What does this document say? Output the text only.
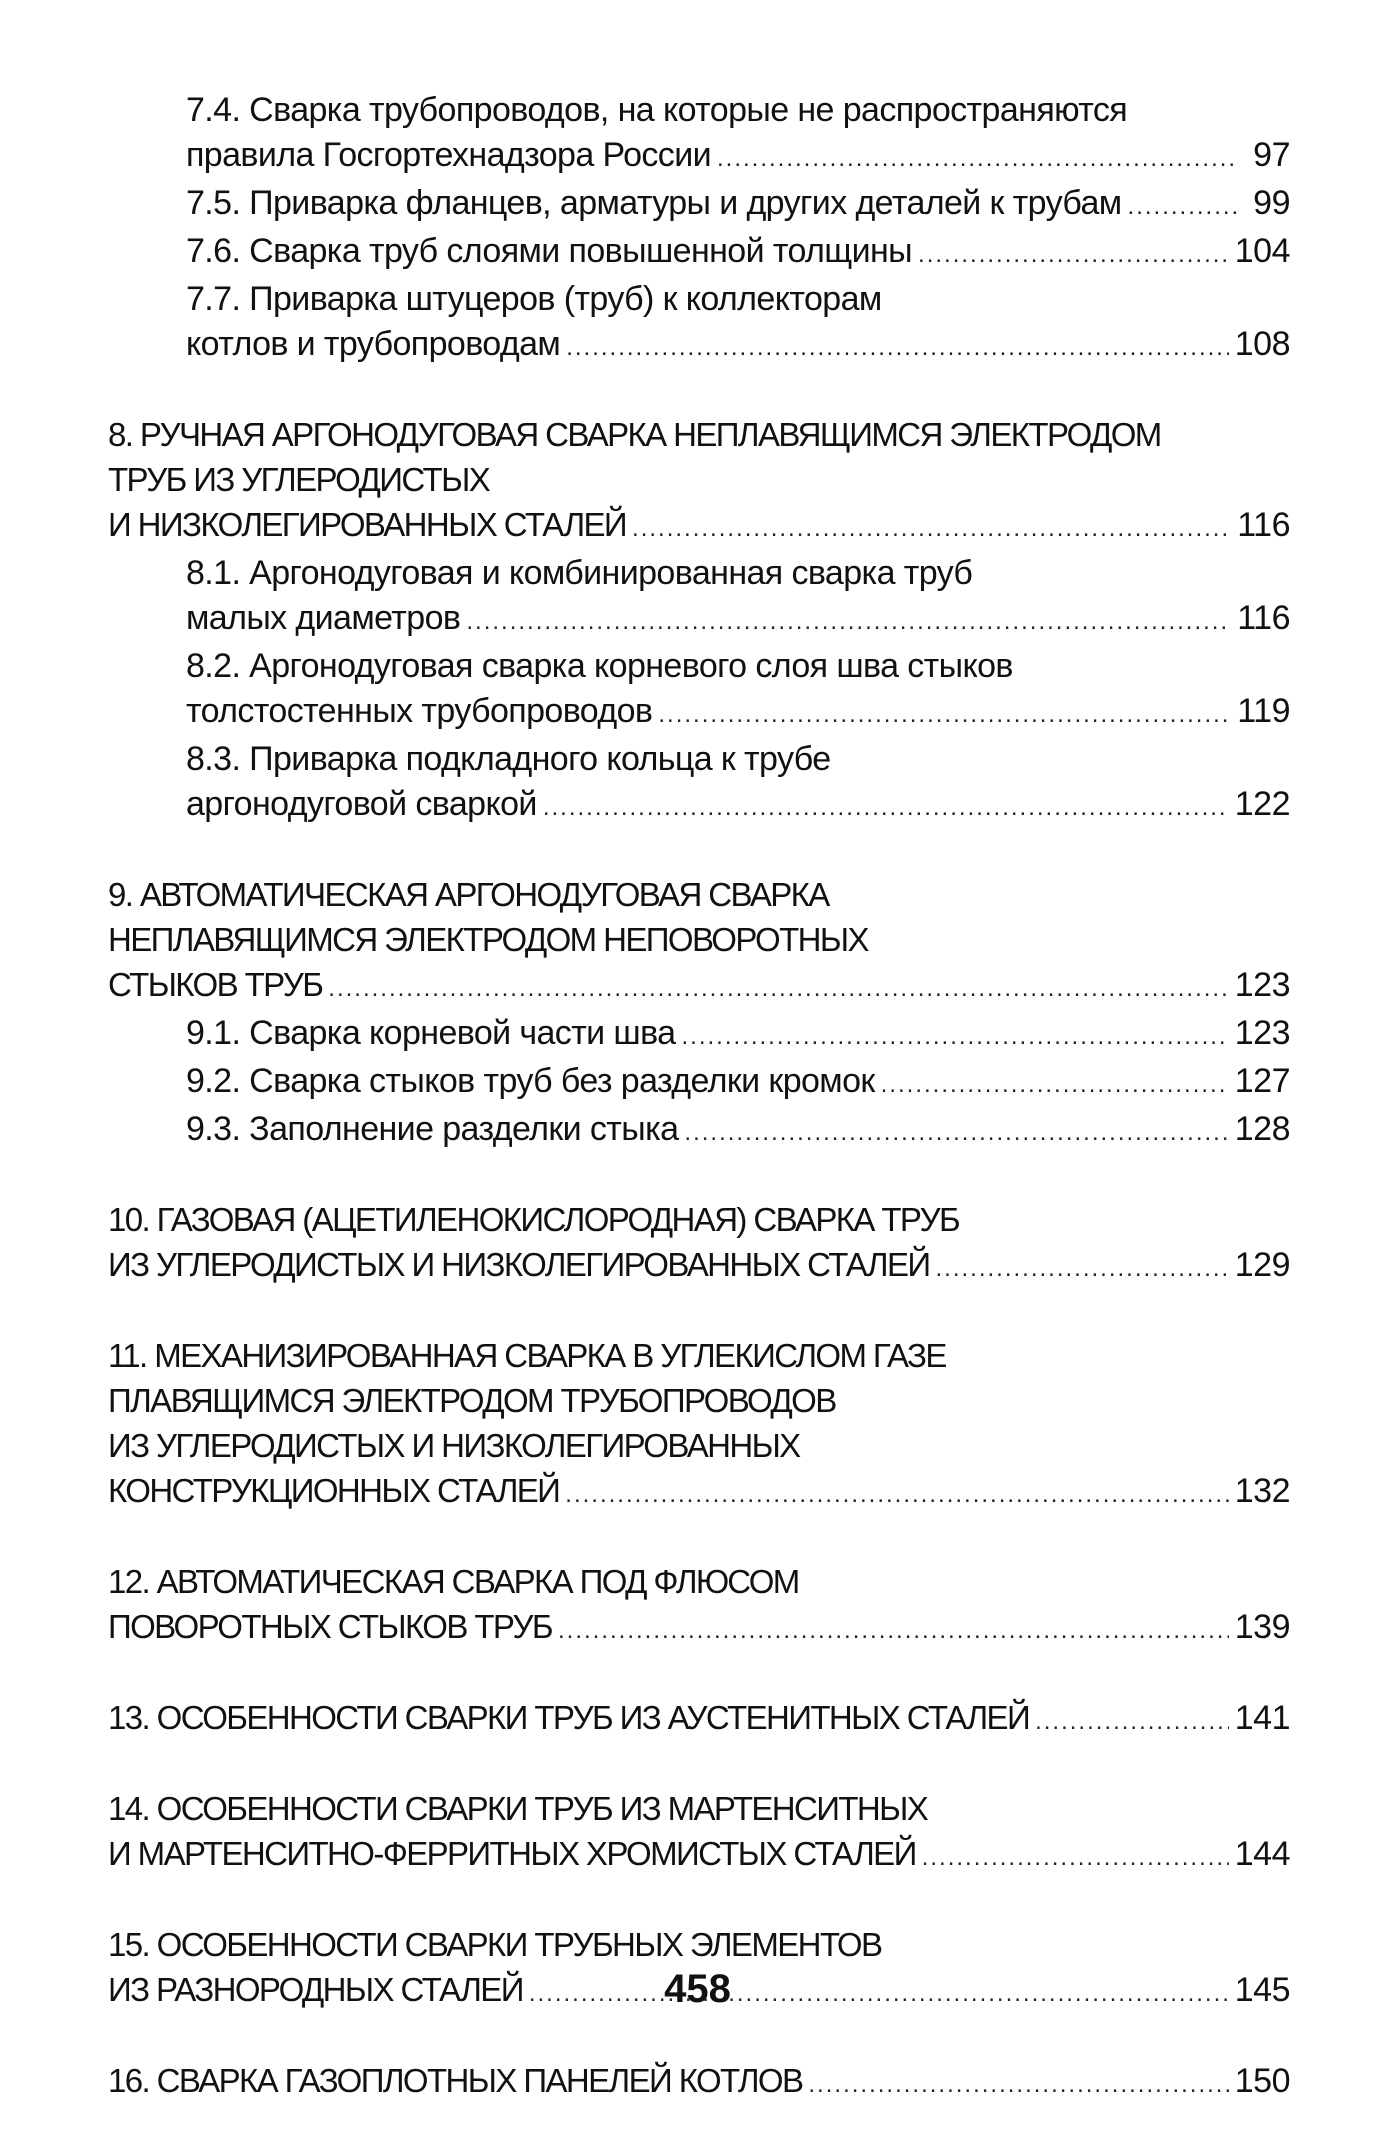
7.4. Сварка трубопроводов, на которые не распространяются
правила Госгортехнадзора России .....	97
7.5. Приварка фланцев, арматуры и других деталей к трубам .....	99
7.6. Сварка труб слоями повышенной толщины .....	104
7.7. Приварка штуцеров (труб) к коллекторам
котлов и трубопроводам .....	108
8. РУЧНАЯ АРГОНОДУГОВАЯ СВАРКА НЕПЛАВЯЩИМСЯ ЭЛЕКТРОДОМ
ТРУБ ИЗ УГЛЕРОДИСТЫХ
И НИЗКОЛЕГИРОВАННЫХ СТАЛЕЙ .....	116
8.1. Аргонодуговая и комбинированная сварка труб
малых диаметров .....	116
8.2. Аргонодуговая сварка корневого слоя шва стыков
толстостенных трубопроводов .....	119
8.3. Приварка подкладного кольца к трубе
аргонодуговой сваркой .....	122
9. АВТОМАТИЧЕСКАЯ АРГОНОДУГОВАЯ СВАРКА
НЕПЛАВЯЩИМСЯ ЭЛЕКТРОДОМ НЕПОВОРОТНЫХ
СТЫКОВ ТРУБ .....	123
9.1. Сварка корневой части шва .....	123
9.2. Сварка стыков труб без разделки кромок .....	127
9.3. Заполнение разделки стыка .....	128
10. ГАЗОВАЯ (АЦЕТИЛЕНОКИСЛОРОДНАЯ) СВАРКА ТРУБ
ИЗ УГЛЕРОДИСТЫХ И НИЗКОЛЕГИРОВАННЫХ СТАЛЕЙ .....	129
11. МЕХАНИЗИРОВАННАЯ СВАРКА В УГЛЕКИСЛОМ ГАЗЕ
ПЛАВЯЩИМСЯ ЭЛЕКТРОДОМ ТРУБОПРОВОДОВ
ИЗ УГЛЕРОДИСТЫХ И НИЗКОЛЕГИРОВАННЫХ
КОНСТРУКЦИОННЫХ СТАЛЕЙ .....	132
12. АВТОМАТИЧЕСКАЯ СВАРКА ПОД ФЛЮСОМ
ПОВОРОТНЫХ СТЫКОВ ТРУБ .....	139
13. ОСОБЕННОСТИ СВАРКИ ТРУБ ИЗ АУСТЕНИТНЫХ СТАЛЕЙ .....	141
14. ОСОБЕННОСТИ СВАРКИ ТРУБ ИЗ МАРТЕНСИТНЫХ
И МАРТЕНСИТНО-ФЕРРИТНЫХ ХРОМИСТЫХ СТАЛЕЙ .....	144
15. ОСОБЕННОСТИ СВАРКИ ТРУБНЫХ ЭЛЕМЕНТОВ
ИЗ РАЗНОРОДНЫХ СТАЛЕЙ .....	145
16. СВАРКА ГАЗОПЛОТНЫХ ПАНЕЛЕЙ КОТЛОВ .....	150
458
